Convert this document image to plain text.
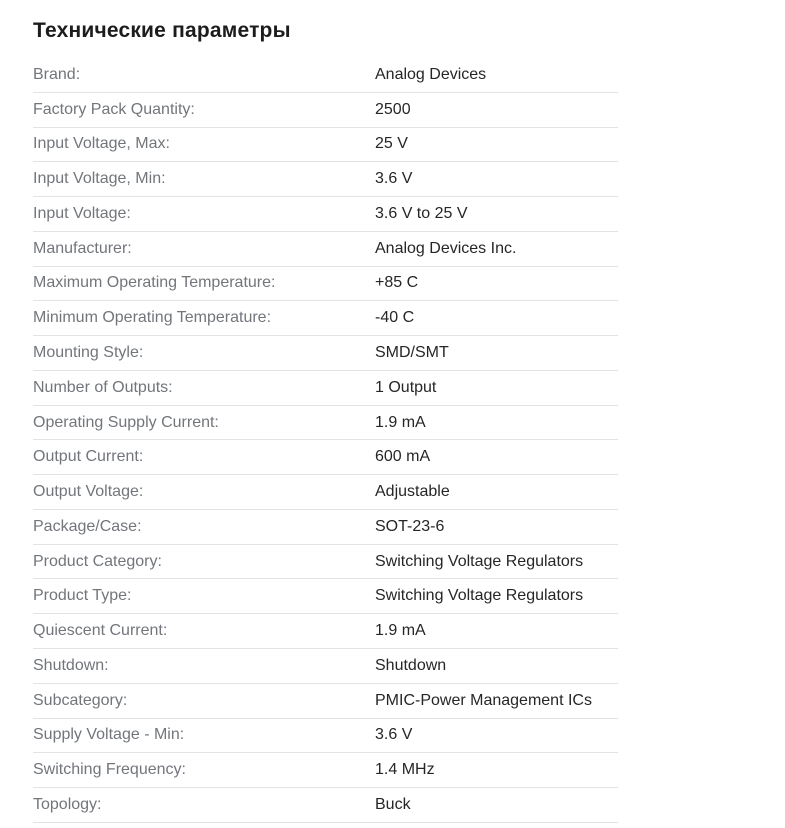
Технические параметры
Brand:	Analog Devices
Factory Pack Quantity:	2500
Input Voltage, Max:	25 V
Input Voltage, Min:	3.6 V
Input Voltage:	3.6 V to 25 V
Manufacturer:	Analog Devices Inc.
Maximum Operating Temperature:	+85 C
Minimum Operating Temperature:	-40 C
Mounting Style:	SMD/SMT
Number of Outputs:	1 Output
Operating Supply Current:	1.9 mA
Output Current:	600 mA
Output Voltage:	Adjustable
Package/Case:	SOT-23-6
Product Category:	Switching Voltage Regulators
Product Type:	Switching Voltage Regulators
Quiescent Current:	1.9 mA
Shutdown:	Shutdown
Subcategory:	PMIC-Power Management ICs
Supply Voltage - Min:	3.6 V
Switching Frequency:	1.4 MHz
Topology:	Buck
